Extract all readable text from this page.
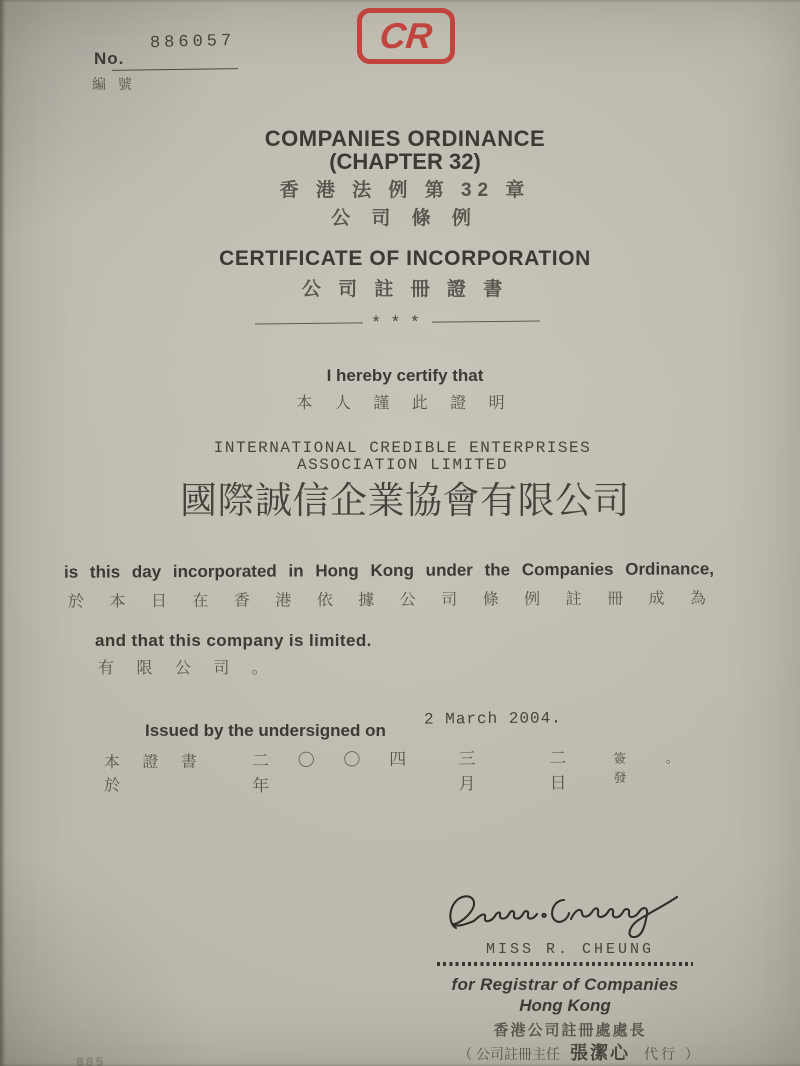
886057
No.
編 號
CR
COMPANIES ORDINANCE
(CHAPTER 32)
香 港 法 例 第 32 章
公 司 條 例
CERTIFICATE OF INCORPORATION
公 司 註 冊 證 書
* * *
I hereby certify that
本 人 謹 此 證 明
INTERNATIONAL CREDIBLE ENTERPRISES
ASSOCIATION LIMITED
國際誠信企業協會有限公司
is this day incorporated in Hong Kong under the Companies Ordinance,
於 本 日 在 香 港 依 據 公 司 條 例 註 冊 成 為
and that this company is limited.
有 限 公 司 。
Issued by the undersigned on
2 March 2004.
本 證 書 於
二 〇 〇 四 年
三 月
二 日
簽 發
。
MISS R. CHEUNG
for Registrar of Companies
Hong Kong
香港公司註冊處處長
（ 公司註冊主任 張潔心 代行 ）
885
